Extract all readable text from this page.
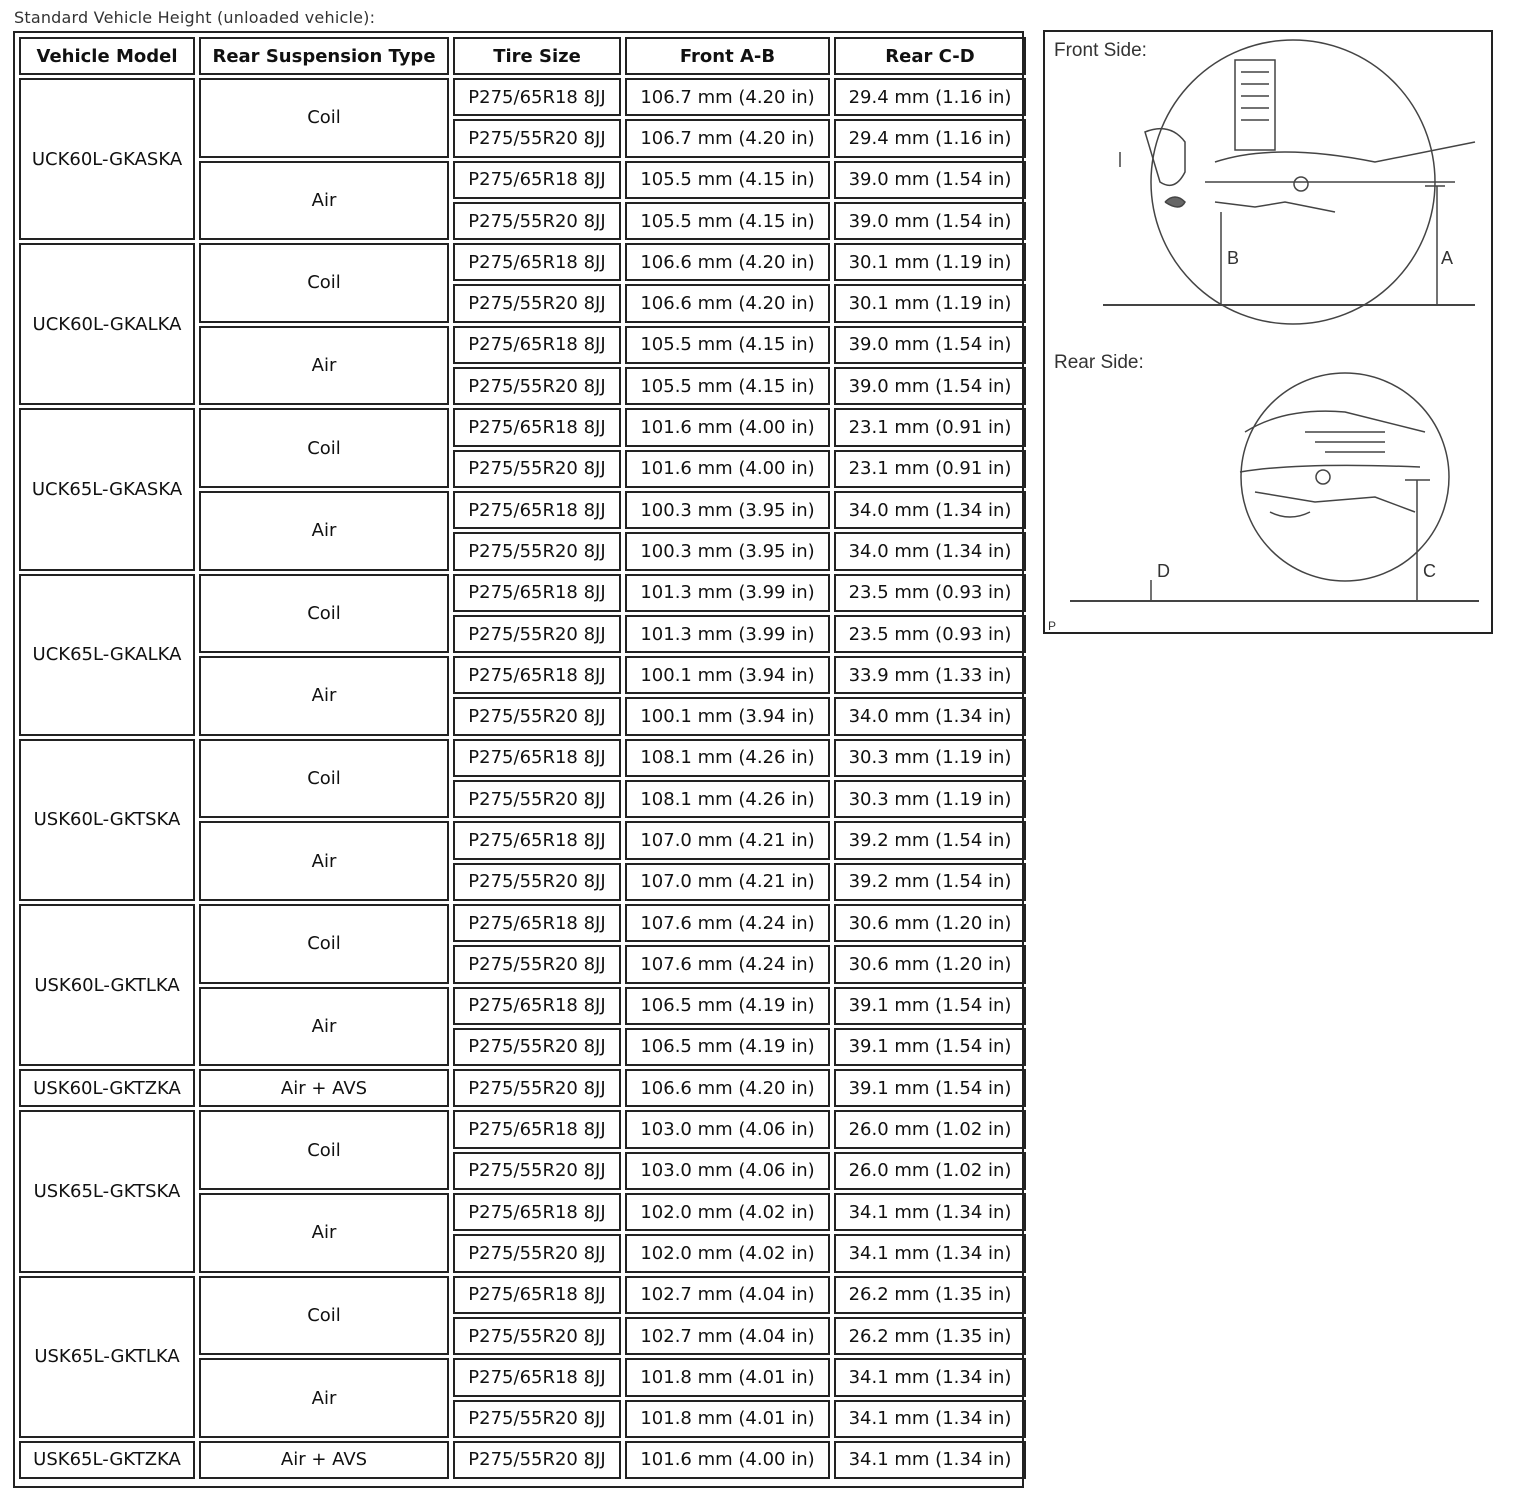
Standard Vehicle Height (unloaded vehicle):
Vehicle Model	Rear Suspension Type	Tire Size	Front A-B	Rear C-D
UCK60L-GKASKA	Coil	P275/65R18 8JJ	106.7 mm (4.20 in)	29.4 mm (1.16 in)
		P275/55R20 8JJ	106.7 mm (4.20 in)	29.4 mm (1.16 in)
	Air	P275/65R18 8JJ	105.5 mm (4.15 in)	39.0 mm (1.54 in)
		P275/55R20 8JJ	105.5 mm (4.15 in)	39.0 mm (1.54 in)
UCK60L-GKALKA	Coil	P275/65R18 8JJ	106.6 mm (4.20 in)	30.1 mm (1.19 in)
		P275/55R20 8JJ	106.6 mm (4.20 in)	30.1 mm (1.19 in)
	Air	P275/65R18 8JJ	105.5 mm (4.15 in)	39.0 mm (1.54 in)
		P275/55R20 8JJ	105.5 mm (4.15 in)	39.0 mm (1.54 in)
UCK65L-GKASKA	Coil	P275/65R18 8JJ	101.6 mm (4.00 in)	23.1 mm (0.91 in)
		P275/55R20 8JJ	101.6 mm (4.00 in)	23.1 mm (0.91 in)
	Air	P275/65R18 8JJ	100.3 mm (3.95 in)	34.0 mm (1.34 in)
		P275/55R20 8JJ	100.3 mm (3.95 in)	34.0 mm (1.34 in)
UCK65L-GKALKA	Coil	P275/65R18 8JJ	101.3 mm (3.99 in)	23.5 mm (0.93 in)
		P275/55R20 8JJ	101.3 mm (3.99 in)	23.5 mm (0.93 in)
	Air	P275/65R18 8JJ	100.1 mm (3.94 in)	33.9 mm (1.33 in)
		P275/55R20 8JJ	100.1 mm (3.94 in)	34.0 mm (1.34 in)
USK60L-GKTSKA	Coil	P275/65R18 8JJ	108.1 mm (4.26 in)	30.3 mm (1.19 in)
		P275/55R20 8JJ	108.1 mm (4.26 in)	30.3 mm (1.19 in)
	Air	P275/65R18 8JJ	107.0 mm (4.21 in)	39.2 mm (1.54 in)
		P275/55R20 8JJ	107.0 mm (4.21 in)	39.2 mm (1.54 in)
USK60L-GKTLKA	Coil	P275/65R18 8JJ	107.6 mm (4.24 in)	30.6 mm (1.20 in)
		P275/55R20 8JJ	107.6 mm (4.24 in)	30.6 mm (1.20 in)
	Air	P275/65R18 8JJ	106.5 mm (4.19 in)	39.1 mm (1.54 in)
		P275/55R20 8JJ	106.5 mm (4.19 in)	39.1 mm (1.54 in)
USK60L-GKTZKA	Air + AVS	P275/55R20 8JJ	106.6 mm (4.20 in)	39.1 mm (1.54 in)
USK65L-GKTSKA	Coil	P275/65R18 8JJ	103.0 mm (4.06 in)	26.0 mm (1.02 in)
		P275/55R20 8JJ	103.0 mm (4.06 in)	26.0 mm (1.02 in)
	Air	P275/65R18 8JJ	102.0 mm (4.02 in)	34.1 mm (1.34 in)
		P275/55R20 8JJ	102.0 mm (4.02 in)	34.1 mm (1.34 in)
USK65L-GKTLKA	Coil	P275/65R18 8JJ	102.7 mm (4.04 in)	26.2 mm (1.35 in)
		P275/55R20 8JJ	102.7 mm (4.04 in)	26.2 mm (1.35 in)
	Air	P275/65R18 8JJ	101.8 mm (4.01 in)	34.1 mm (1.34 in)
		P275/55R20 8JJ	101.8 mm (4.01 in)	34.1 mm (1.34 in)
USK65L-GKTZKA	Air + AVS	P275/55R20 8JJ	101.6 mm (4.00 in)	34.1 mm (1.34 in)
Front Side:
Rear Side:
B	A
D	C
P
